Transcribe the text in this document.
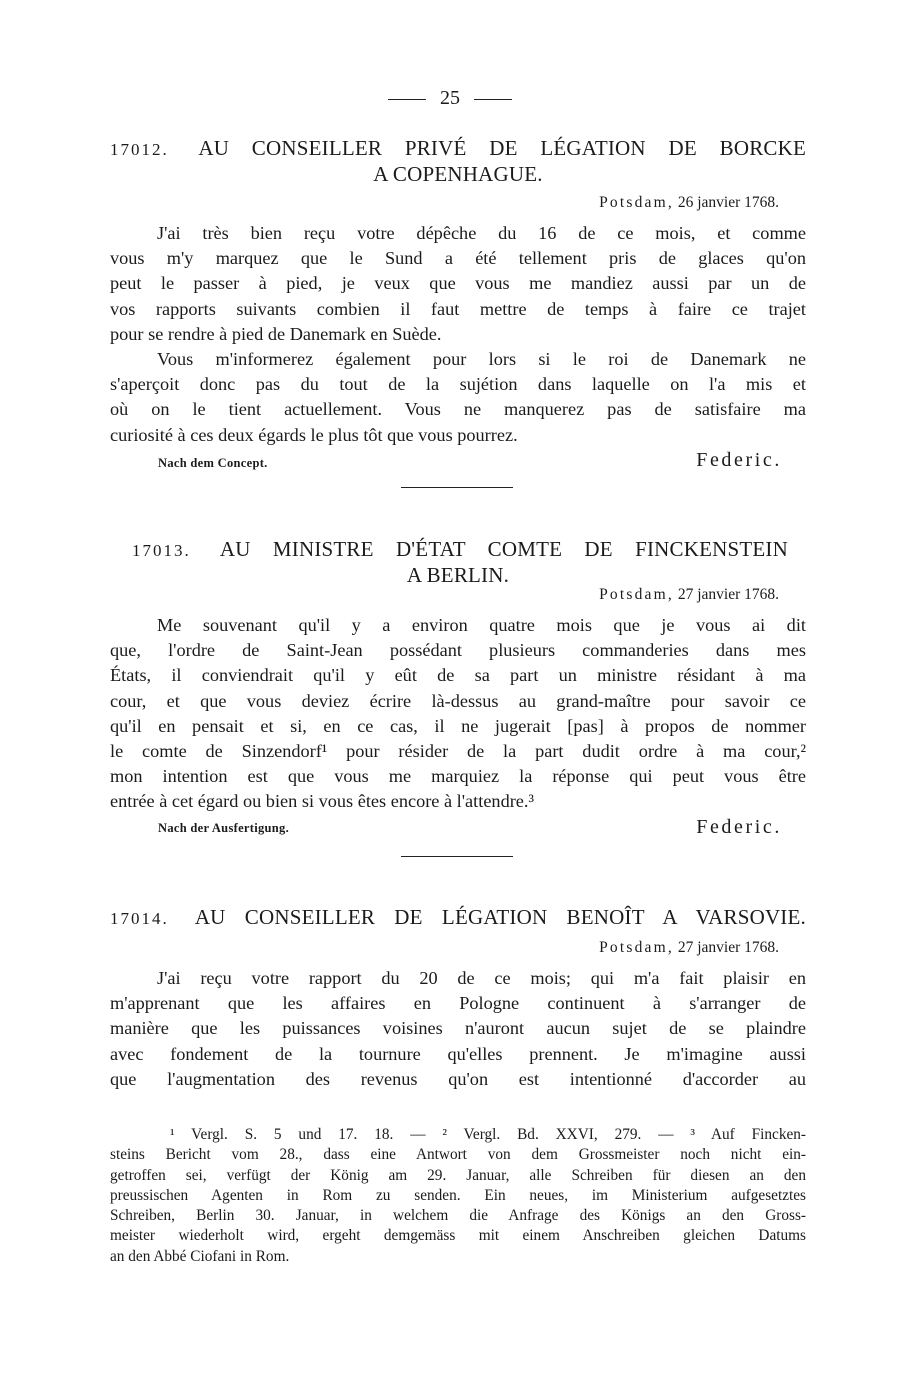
25
17012. AU CONSEILLER PRIVÉ DE LÉGATION DE BORCKE
A COPENHAGUE.
Potsdam, 26 janvier 1768.
J'ai très bien reçu votre dépêche du 16 de ce mois, et comme
vous m'y marquez que le Sund a été tellement pris de glaces qu'on
peut le passer à pied, je veux que vous me mandiez aussi par un de
vos rapports suivants combien il faut mettre de temps à faire ce trajet
pour se rendre à pied de Danemark en Suède.
Vous m'informerez également pour lors si le roi de Danemark ne
s'aperçoit donc pas du tout de la sujétion dans laquelle on l'a mis et
où on le tient actuellement. Vous ne manquerez pas de satisfaire ma
curiosité à ces deux égards le plus tôt que vous pourrez.
Nach dem Concept.	Federic.
17013. AU MINISTRE D'ÉTAT COMTE DE FINCKENSTEIN
A BERLIN.
Potsdam, 27 janvier 1768.
Me souvenant qu'il y a environ quatre mois que je vous ai dit
que, l'ordre de Saint-Jean possédant plusieurs commanderies dans mes
États, il conviendrait qu'il y eût de sa part un ministre résidant à ma
cour, et que vous deviez écrire là-dessus au grand-maître pour savoir ce
qu'il en pensait et si, en ce cas, il ne jugerait [pas] à propos de nommer
le comte de Sinzendorf¹ pour résider de la part dudit ordre à ma cour,²
mon intention est que vous me marquiez la réponse qui peut vous être
entrée à cet égard ou bien si vous êtes encore à l'attendre.³
Nach der Ausfertigung.	Federic.
17014. AU CONSEILLER DE LÉGATION BENOÎT A VARSOVIE.
Potsdam, 27 janvier 1768.
J'ai reçu votre rapport du 20 de ce mois; qui m'a fait plaisir en
m'apprenant que les affaires en Pologne continuent à s'arranger de
manière que les puissances voisines n'auront aucun sujet de se plaindre
avec fondement de la tournure qu'elles prennent. Je m'imagine aussi
que l'augmentation des revenus qu'on est intentionné d'accorder au
¹ Vergl. S. 5 und 17. 18. — ² Vergl. Bd. XXVI, 279. — ³ Auf Fincken-
steins Bericht vom 28., dass eine Antwort von dem Grossmeister noch nicht ein-
getroffen sei, verfügt der König am 29. Januar, alle Schreiben für diesen an den
preussischen Agenten in Rom zu senden. Ein neues, im Ministerium aufgesetztes
Schreiben, Berlin 30. Januar, in welchem die Anfrage des Königs an den Gross-
meister wiederholt wird, ergeht demgemäss mit einem Anschreiben gleichen Datums
an den Abbé Ciofani in Rom.
